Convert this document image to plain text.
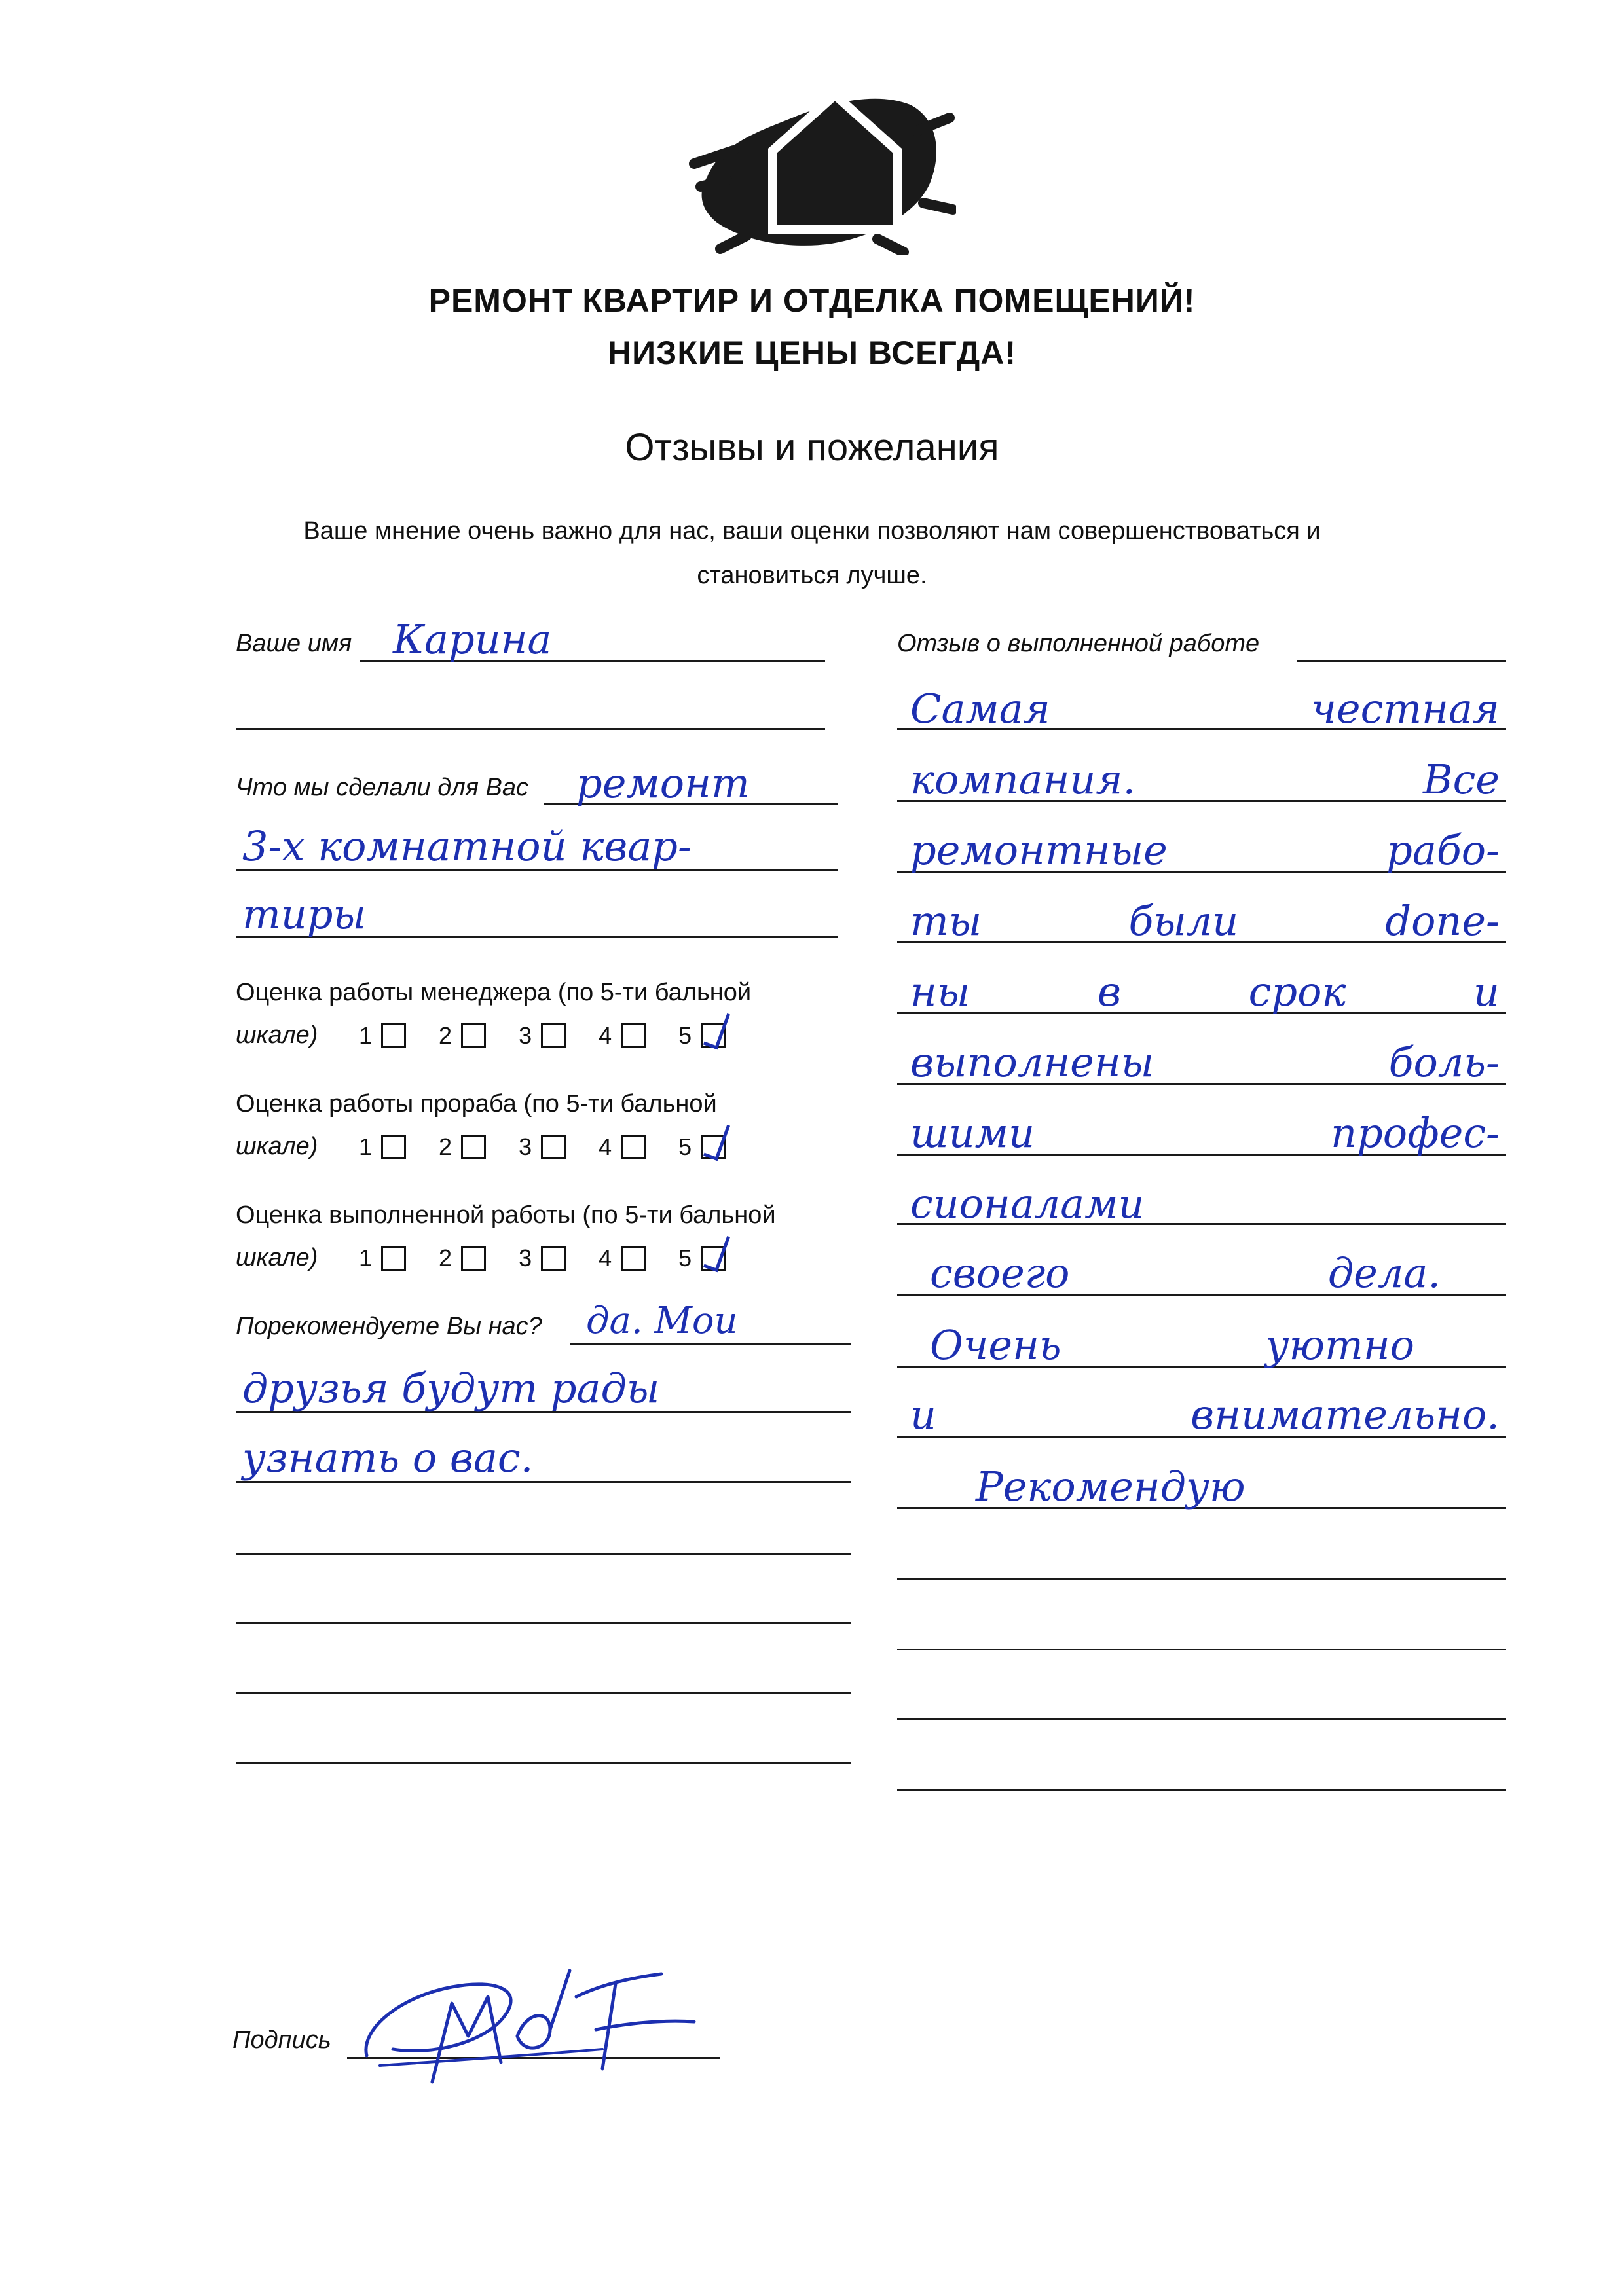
РЕМОНТ КВАРТИР И ОТДЕЛКА ПОМЕЩЕНИЙ!
НИЗКИЕ ЦЕНЫ ВСЕГДА!
Отзывы и пожелания
Ваше мнение очень важно для нас, ваши оценки позволяют нам совершенствоваться и
становиться лучше.
Ваше имя Карина
Что мы сделали для Вас ремонт
3-х комнатной квар-
тиры
Оценка работы менеджера (по 5-ти бальной
шкале) 1	2	3	4	5
Оценка работы прораба (по 5-ти бальной
шкале) 1	2	3	4	5
Оценка выполненной работы (по 5-ти бальной
шкале) 1	2	3	4	5
Порекомендуете Вы нас? да. Мои
друзья будут рады
узнать о вас.
Отзыв о выполненной работе
Самая честная
компания. Все
ремонтные рабо-
ты были done-
ны в срок и
выполнены боль-
шими профес-
сионалами
своего дела.
Очень уютно
и внимательно.
Рекомендую
Подпись
